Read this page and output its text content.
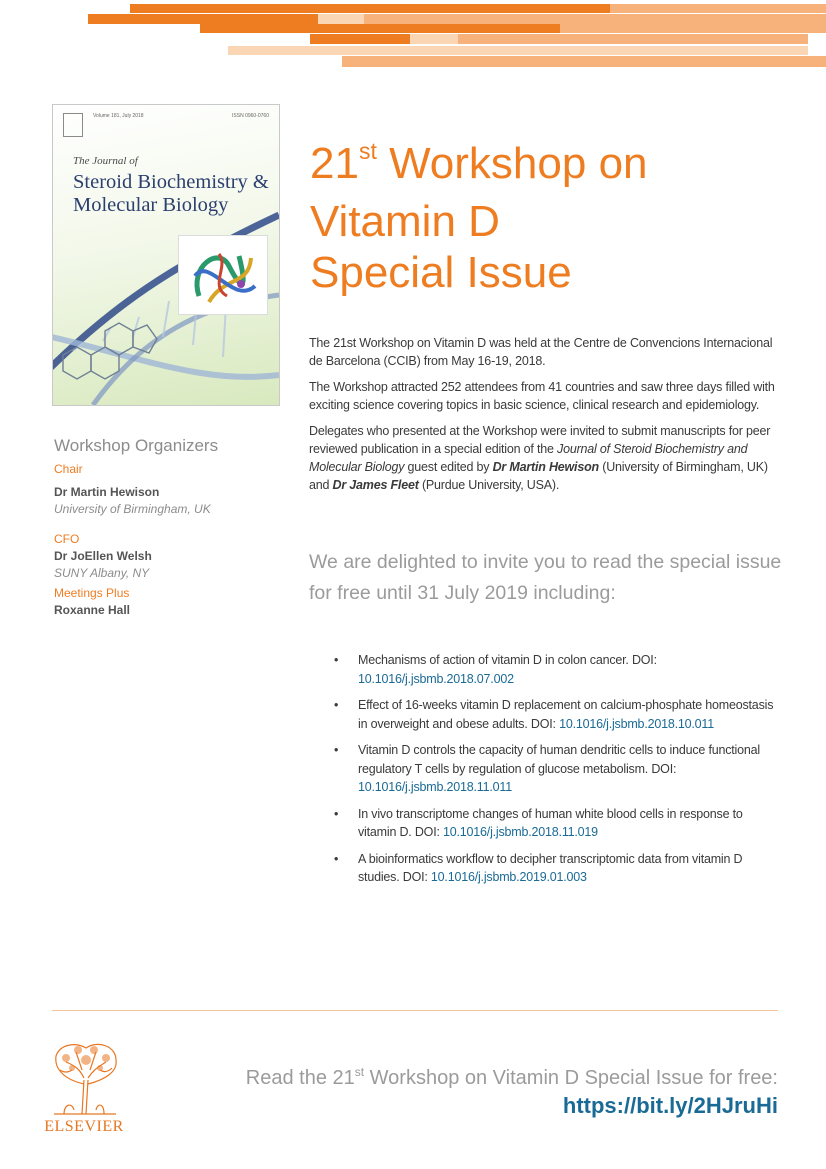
Volume 181, July 2018	ISSN 0960-0760
The Journal of
Steroid Biochemistry & Molecular Biology

Workshop Organizers

Chair

Dr Martin Hewison

University of Birmingham, UK

CFO

Dr JoEllen Welsh

SUNY Albany, NY

Meetings Plus

Roxanne Hall

21st Workshop on
Vitamin D
Special Issue

The 21st Workshop on Vitamin D was held at the Centre de Convencions Internacional de Barcelona (CCIB) from May 16-19, 2018.

The Workshop attracted 252 attendees from 41 countries and saw three days filled with exciting science covering topics in basic science, clinical research and epidemiology.

Delegates who presented at the Workshop were invited to submit manuscripts for peer reviewed publication in a special edition of the Journal of Steroid Biochemistry and Molecular Biology guest edited by Dr Martin Hewison (University of Birmingham, UK) and Dr James Fleet (Purdue University, USA).

We are delighted to invite you to read the special issue for free until 31 July 2019 including:
• Mechanisms of action of vitamin D in colon cancer. DOI: 10.1016/j.jsbmb.2018.07.002
• Effect of 16-weeks vitamin D replacement on calcium-phosphate homeostasis in overweight and obese adults. DOI: 10.1016/j.jsbmb.2018.10.011
• Vitamin D controls the capacity of human dendritic cells to induce functional regulatory T cells by regulation of glucose metabolism. DOI: 10.1016/j.jsbmb.2018.11.011
• In vivo transcriptome changes of human white blood cells in response to vitamin D. DOI: 10.1016/j.jsbmb.2018.11.019
• A bioinformatics workflow to decipher transcriptomic data from vitamin D studies. DOI: 10.1016/j.jsbmb.2019.01.003
ELSEVIER
Read the 21st Workshop on Vitamin D Special Issue for free:
https://bit.ly/2HJruHi
